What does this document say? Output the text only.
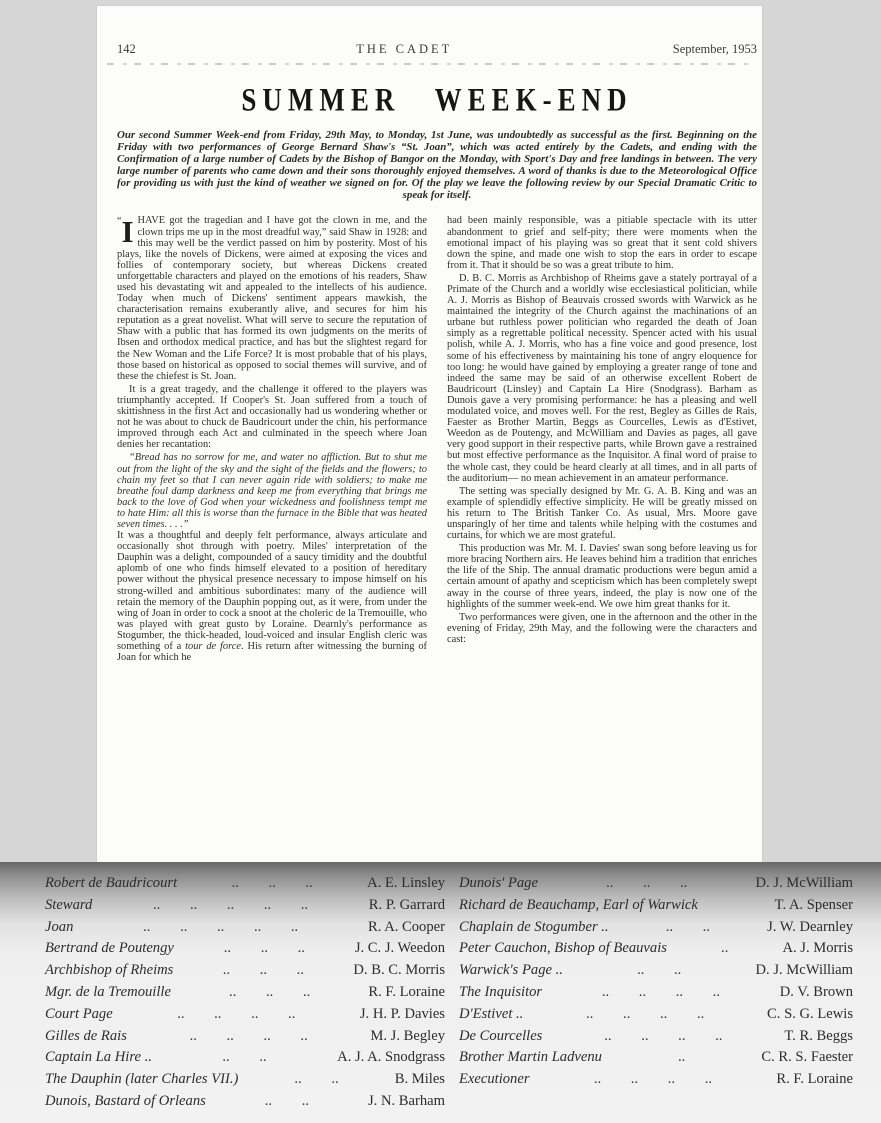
142	THE CADET	September, 1953
SUMMER WEEK-END
Our second Summer Week-end from Friday, 29th May, to Monday, 1st June, was undoubtedly as successful as the first. Beginning on the Friday with two performances of George Bernard Shaw's “St. Joan”, which was acted entirely by the Cadets, and ending with the Confirmation of a large number of Cadets by the Bishop of Bangor on the Monday, with Sport's Day and free landings in between. The very large number of parents who came down and their sons thoroughly enjoyed themselves. A word of thanks is due to the Meteorological Office for providing us with just the kind of weather we signed on for. Of the play we leave the following review by our Special Dramatic Critic to speak for itself.

“I HAVE got the tragedian and I have got the clown in me, and the clown trips me up in the most dreadful way,” said Shaw in 1928: and this may well be the verdict passed on him by posterity. Most of his plays, like the novels of Dickens, were aimed at exposing the vices and follies of contemporary society, but whereas Dickens created unforgettable characters and played on the emotions of his readers, Shaw used his devastating wit and appealed to the intellects of his audience. Today when much of Dickens' sentiment appears mawkish, the characterisation remains exuberantly alive, and secures for him his reputation as a great novelist. What will serve to secure the reputation of Shaw with a public that has formed its own judgments on the merits of Ibsen and orthodox medical practice, and has but the slightest regard for the New Woman and the Life Force? It is most probable that of his plays, those based on historical as opposed to social themes will survive, and of these the chiefest is St. Joan.

It is a great tragedy, and the challenge it offered to the players was triumphantly accepted. If Cooper's St. Joan suffered from a touch of skittishness in the first Act and occasionally had us wondering whether or not he was about to chuck de Baudricourt under the chin, his performance improved through each Act and culminated in the speech where Joan denies her recantation:

“Bread has no sorrow for me, and water no affliction. But to shut me out from the light of the sky and the sight of the fields and the flowers; to chain my feet so that I can never again ride with soldiers; to make me breathe foul damp darkness and keep me from everything that brings me back to the love of God when your wickedness and foolishness tempt me to hate Him: all this is worse than the furnace in the Bible that was heated seven times. . . .”

It was a thoughtful and deeply felt performance, always articulate and occasionally shot through with poetry. Miles' interpretation of the Dauphin was a delight, compounded of a saucy timidity and the doubtful aplomb of one who finds himself elevated to a position of hereditary power without the physical presence necessary to impose himself on his strong-willed and ambitious subordinates: many of the audience will retain the memory of the Dauphin popping out, as it were, from under the wing of Joan in order to cock a snoot at the choleric de la Tremouille, who was played with great gusto by Loraine. Dearnly's performance as Stogumber, the thick-headed, loud-voiced and insular English cleric was something of a tour de force. His return after witnessing the burning of Joan for which he

had been mainly responsible, was a pitiable spectacle with its utter abandonment to grief and self-pity; there were moments when the emotional impact of his playing was so great that it sent cold shivers down the spine, and made one wish to stop the ears in order to escape from it. That it should be so was a great tribute to him.

D. B. C. Morris as Archbishop of Rheims gave a stately portrayal of a Primate of the Church and a worldly wise ecclesiastical politician, while A. J. Morris as Bishop of Beauvais crossed swords with Warwick as he maintained the integrity of the Church against the machinations of an urbane but ruthless power politician who regarded the death of Joan simply as a regrettable political necessity. Spencer acted with his usual polish, while A. J. Morris, who has a fine voice and good presence, lost some of his effectiveness by maintaining his tone of angry eloquence for too long: he would have gained by employing a greater range of tone and indeed the same may be said of an otherwise excellent Robert de Baudricourt (Linsley) and Captain La Hire (Snodgrass). Barham as Dunois gave a very promising performance: he has a pleasing and well modulated voice, and moves well. For the rest, Begley as Gilles de Rais, Faester as Brother Martin, Beggs as Courcelles, Lewis as d'Estivet, Weedon as de Poutengy, and McWilliam and Davies as pages, all gave very good support in their respective parts, while Brown gave a restrained but most effective performance as the Inquisitor. A final word of praise to the whole cast, they could be heard clearly at all times, and in all parts of the auditorium— no mean achievement in an amateur performance.

The setting was specially designed by Mr. G. A. B. King and was an example of splendidly effective simplicity. He will be greatly missed on his return to The British Tanker Co. As usual, Mrs. Moore gave unsparingly of her time and talents while helping with the costumes and curtains, for which we are most grateful.

This production was Mr. M. I. Davies' swan song before leaving us for more bracing Northern airs. He leaves behind him a tradition that enriches the life of the Ship. The annual dramatic productions were begun amid a certain amount of apathy and scepticism which has been completely swept away in the course of three years, indeed, the play is now one of the highlights of the summer week-end. We owe him great thanks for it.

Two performances were given, one in the afternoon and the other in the evening of Friday, 29th May, and the following were the characters and cast:

Robert de Baudricourt	.. .. ..	A. E. Linsley
Steward	.. .. .. .. ..	R. P. Garrard
Joan	.. .. .. .. ..	R. A. Cooper
Bertrand de Poutengy	.. .. ..	J. C. J. Weedon
Archbishop of Rheims	.. .. ..	D. B. C. Morris
Mgr. de la Tremouille	.. .. ..	R. F. Loraine
Court Page	.. .. .. ..	J. H. P. Davies
Gilles de Rais	.. .. .. ..	M. J. Begley
Captain La Hire ..	.. ..	A. J. A. Snodgrass
The Dauphin (later Charles VII.)	.. ..	B. Miles
Dunois, Bastard of Orleans	.. ..	J. N. Barham
Dunois' Page	.. .. ..	D. J. McWilliam
Richard de Beauchamp, Earl of Warwick	T. A. Spenser
Chaplain de Stogumber ..	.. ..	J. W. Dearnley
Peter Cauchon, Bishop of Beauvais	..	A. J. Morris
Warwick's Page ..	.. ..	D. J. McWilliam
The Inquisitor	.. .. .. ..	D. V. Brown
D'Estivet ..	.. .. .. ..	C. S. G. Lewis
De Courcelles	.. .. .. ..	T. R. Beggs
Brother Martin Ladvenu	..	C. R. S. Faester
Executioner	.. .. .. ..	R. F. Loraine
